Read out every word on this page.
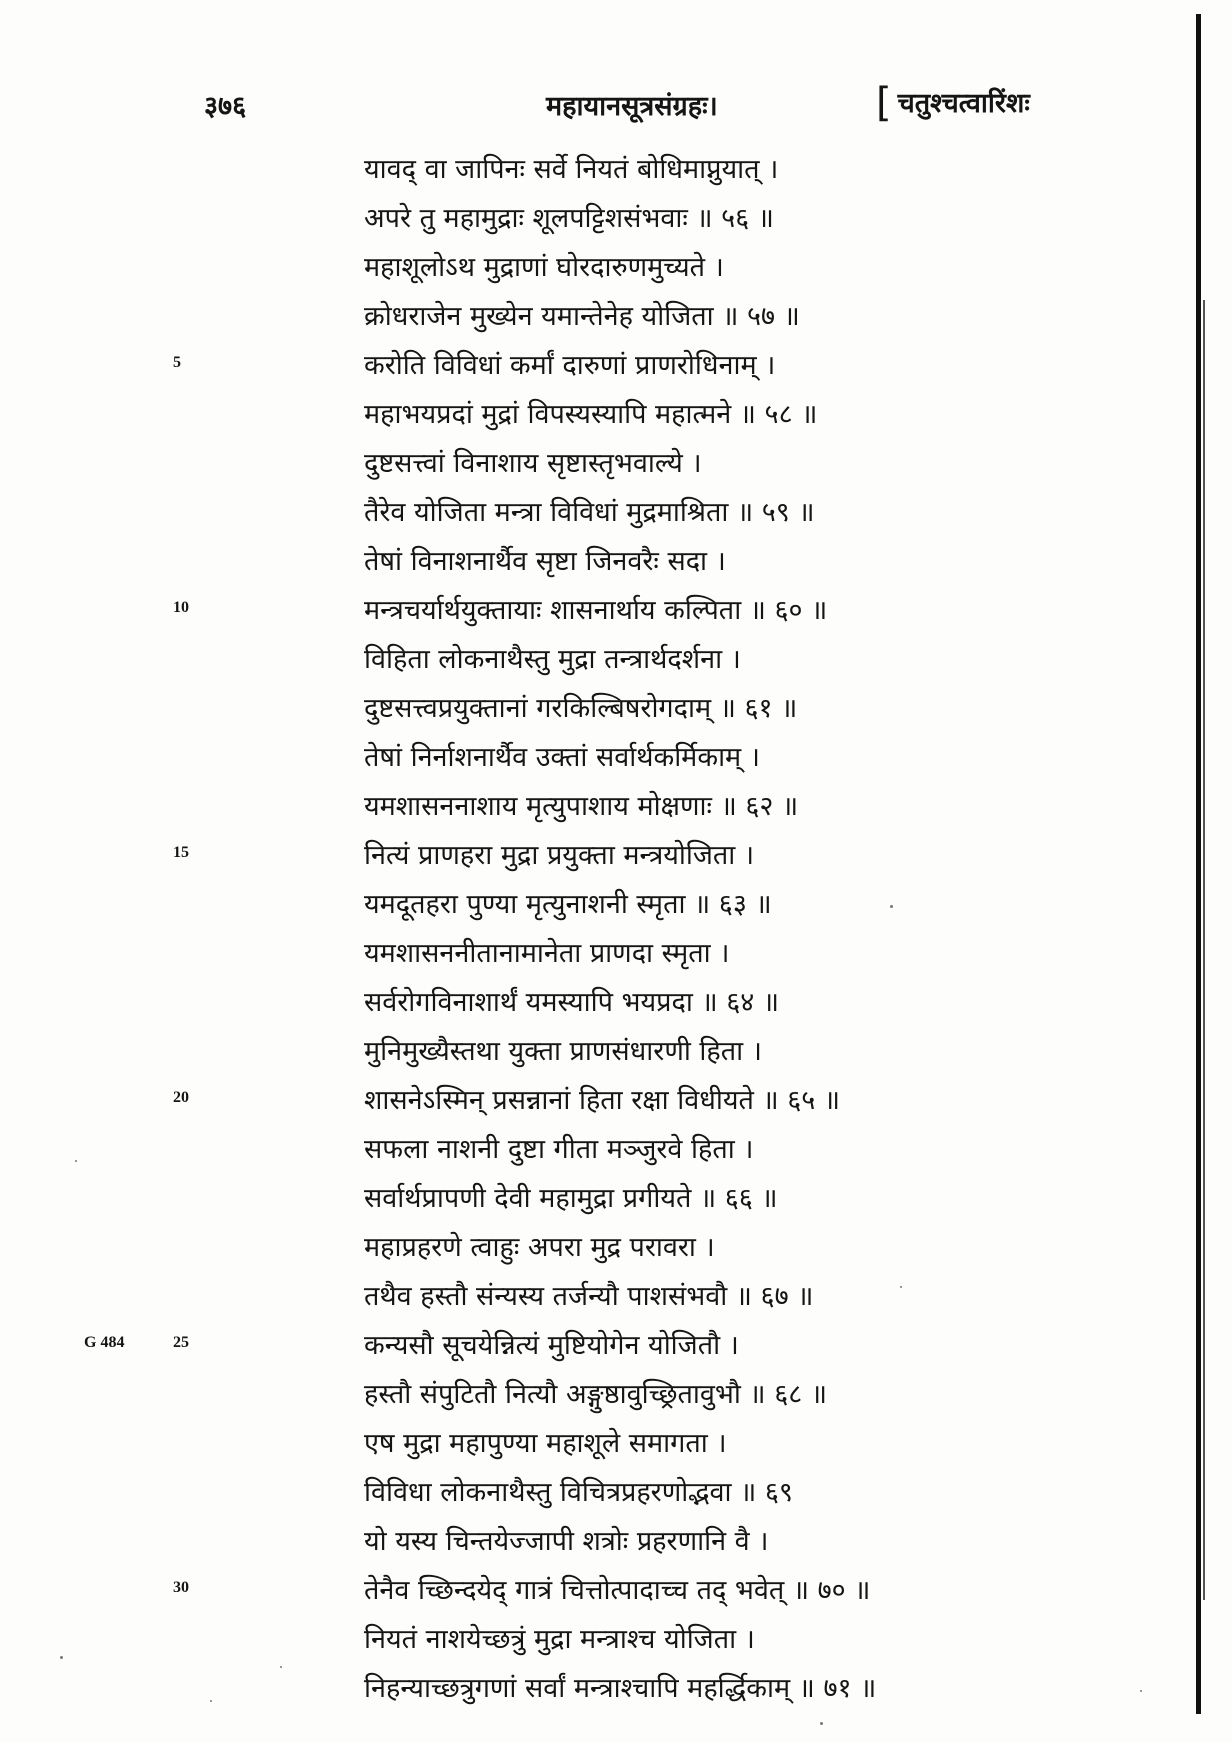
३७६	महायानसूत्रसंग्रहः।	[ चतुश्चत्वारिंशः
यावद् वा जापिनः सर्वे नियतं बोधिमाप्नुयात् ।
अपरे तु महामुद्राः शूलपट्टिशसंभवाः ॥ ५६ ॥
महाशूलोऽथ मुद्राणां घोरदारुणमुच्यते ।
क्रोधराजेन मुख्येन यमान्तेनेह योजिता ॥ ५७ ॥
करोति विविधां कर्मां दारुणां प्राणरोधिनाम् ।
महाभयप्रदां मुद्रां विपस्यस्यापि महात्मने ॥ ५८ ॥
दुष्टसत्त्वां विनाशाय सृष्टास्तृभवाल्ये ।
तैरेव योजिता मन्त्रा विविधां मुद्रमाश्रिता ॥ ५९ ॥
तेषां विनाशनार्थैव सृष्टा जिनवरैः सदा ।
मन्त्रचर्यार्थयुक्तायाः शासनार्थाय कल्पिता ॥ ६० ॥
विहिता लोकनाथैस्तु मुद्रा तन्त्रार्थदर्शना ।
दुष्टसत्त्वप्रयुक्तानां गरकिल्बिषरोगदाम् ॥ ६१ ॥
तेषां निर्नाशनार्थैव उक्तां सर्वार्थकर्मिकाम् ।
यमशासननाशाय मृत्युपाशाय मोक्षणाः ॥ ६२ ॥
नित्यं प्राणहरा मुद्रा प्रयुक्ता मन्त्रयोजिता ।
यमदूतहरा पुण्या मृत्युनाशनी स्मृता ॥ ६३ ॥
यमशासननीतानामानेता प्राणदा स्मृता ।
सर्वरोगविनाशार्थं यमस्यापि भयप्रदा ॥ ६४ ॥
मुनिमुख्यैस्तथा युक्ता प्राणसंधारणी हिता ।
शासनेऽस्मिन् प्रसन्नानां हिता रक्षा विधीयते ॥ ६५ ॥
सफला नाशनी दुष्टा गीता मञ्जुरवे हिता ।
सर्वार्थप्रापणी देवी महामुद्रा प्रगीयते ॥ ६६ ॥
महाप्रहरणे त्वाहुः अपरा मुद्र परावरा ।
तथैव हस्तौ संन्यस्य तर्जन्यौ पाशसंभवौ ॥ ६७ ॥
कन्यसौ सूचयेन्नित्यं मुष्टियोगेन योजितौ ।
हस्तौ संपुटितौ नित्यौ अङ्गुष्ठावुच्छ्रितावुभौ ॥ ६८ ॥
एष मुद्रा महापुण्या महाशूले समागता ।
विविधा लोकनाथैस्तु विचित्रप्रहरणोद्भवा ॥ ६९
यो यस्य चिन्तयेज्जापी शत्रोः प्रहरणानि वै ।
तेनैव च्छिन्दयेद् गात्रं चित्तोत्पादाच्च तद् भवेत् ॥ ७० ॥
नियतं नाशयेच्छत्रुं मुद्रा मन्त्राश्च योजिता ।
निहन्याच्छत्रुगणां सर्वां मन्त्राश्चापि महर्द्धिकाम् ॥ ७१ ॥
5
10
15
20
25
30
G 484
